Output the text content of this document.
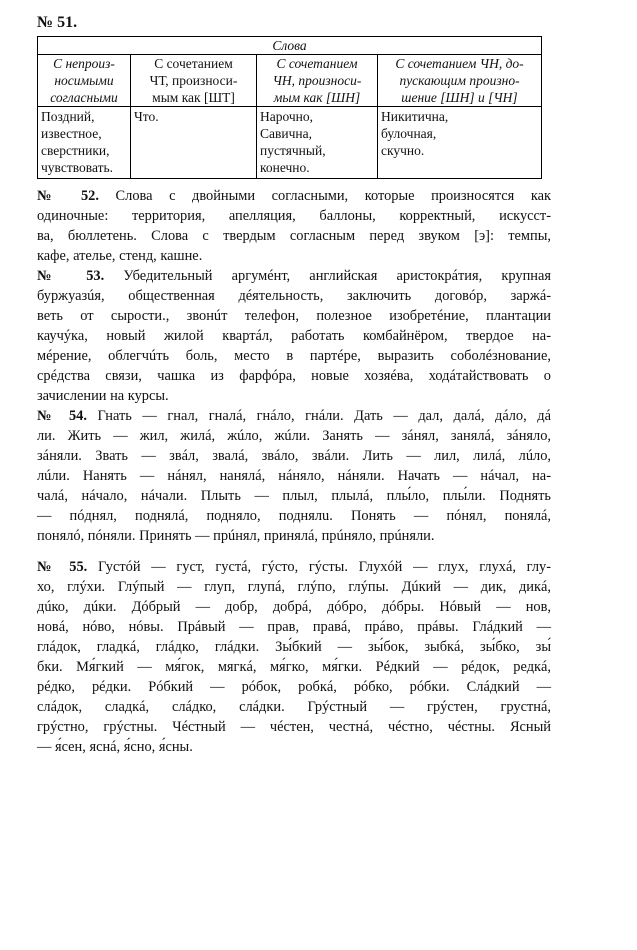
№ 51.
Слова			

С непроиз-
носимыми
согласными	С сочетанием
ЧТ, произноси-
мым как [ШТ]	С сочетанием
ЧН, произноси-
мым как [ШН]	С сочетанием ЧН, до-
пускающим произно-
шение [ШН] и [ЧН]

Поздний,
известное,
сверстники,
чувствовать.	Что.	Нарочно,
Савична,
пустячный,
конечно.	Никитична,
булочная,
скучно.
№ 52. Слова с двойными согласными, которые произносятся как
одиночные: территория, апелляция, баллоны, корректный, искусст-
ва, бюллетень. Слова с твердым согласным перед звуком [э]: темпы,
кафе, ателье, стенд, кашне.
№ 53. Убедительный аргумéнт, английская аристокрáтия, крупная
буржуазúя, общественная дéятельность, заключить договóр, заржá-
веть от сырости., звонúт телефон, полезное изобретéние, плантации
каучýка, новый жилой квартáл, работать комбайнёром, твердое на-
мéрение, облегчúть боль, место в партéре, выразить соболéзнование,
срéдства связи, чашка из фарфóра, новые хозяéва, ходáтайствовать о
зачислении на курсы.
№ 54. Гнать — гнал, гналá, гнáло, гнáли. Дать — дал, далá, дáло, дá
ли. Жить — жил, жилá, жúло, жúли. Занять — зáнял, занялá, зáняло,
зáняли. Звать — звáл, звалá, звáло, звáли. Лить — лил, лилá, лúло,
лúли. Нанять — нáнял, нанялá, нáняло, нáняли. Начать — нáчал, на-
чалá, нáчало, нáчали. Плыть — плыл, плылá, плы́ло, плы́ли. Поднять
— пóднял, поднялá, поднялo, поднялu. Понять — пóнял, понялá,
понялó, пóняли. Принять — прúнял, принялá, прúняло, прúняли.
№ 55. Густóй — густ, густá, гýсто, гýсты. Глухóй — глух, глухá, глу-
хо, глýхи. Глýпый — глуп, глупá, глýпо, глýпы. Дúкий — дик, дикá,
дúко, дúки. Дóбрый — добр, добрá, дóбро, дóбры. Нóвый — нов,
новá, нóво, нóвы. Прáвый — прав, правá, прáво, прáвы. Глáдкий —
глáдок, гладкá, глáдко, глáдки. Зы́бкий — зы́бок, зыбкá, зы́бко, зы́
бки. Мя́гкий — мя́гок, мягкá, мя́гко, мя́гки. Рéдкий — рéдок, редкá,
рéдко, рéдки. Рóбкий — рóбок, робкá, рóбко, рóбки. Слáдкий —
слáдок, сладкá, слáдко, слáдки. Грýстный — грýстен, грустнá,
грýстно, грýстны. Чéстный — чéстен, честнá, чéстно, чéстны. Ясный
— я́сен, яснá, я́сно, я́сны.
